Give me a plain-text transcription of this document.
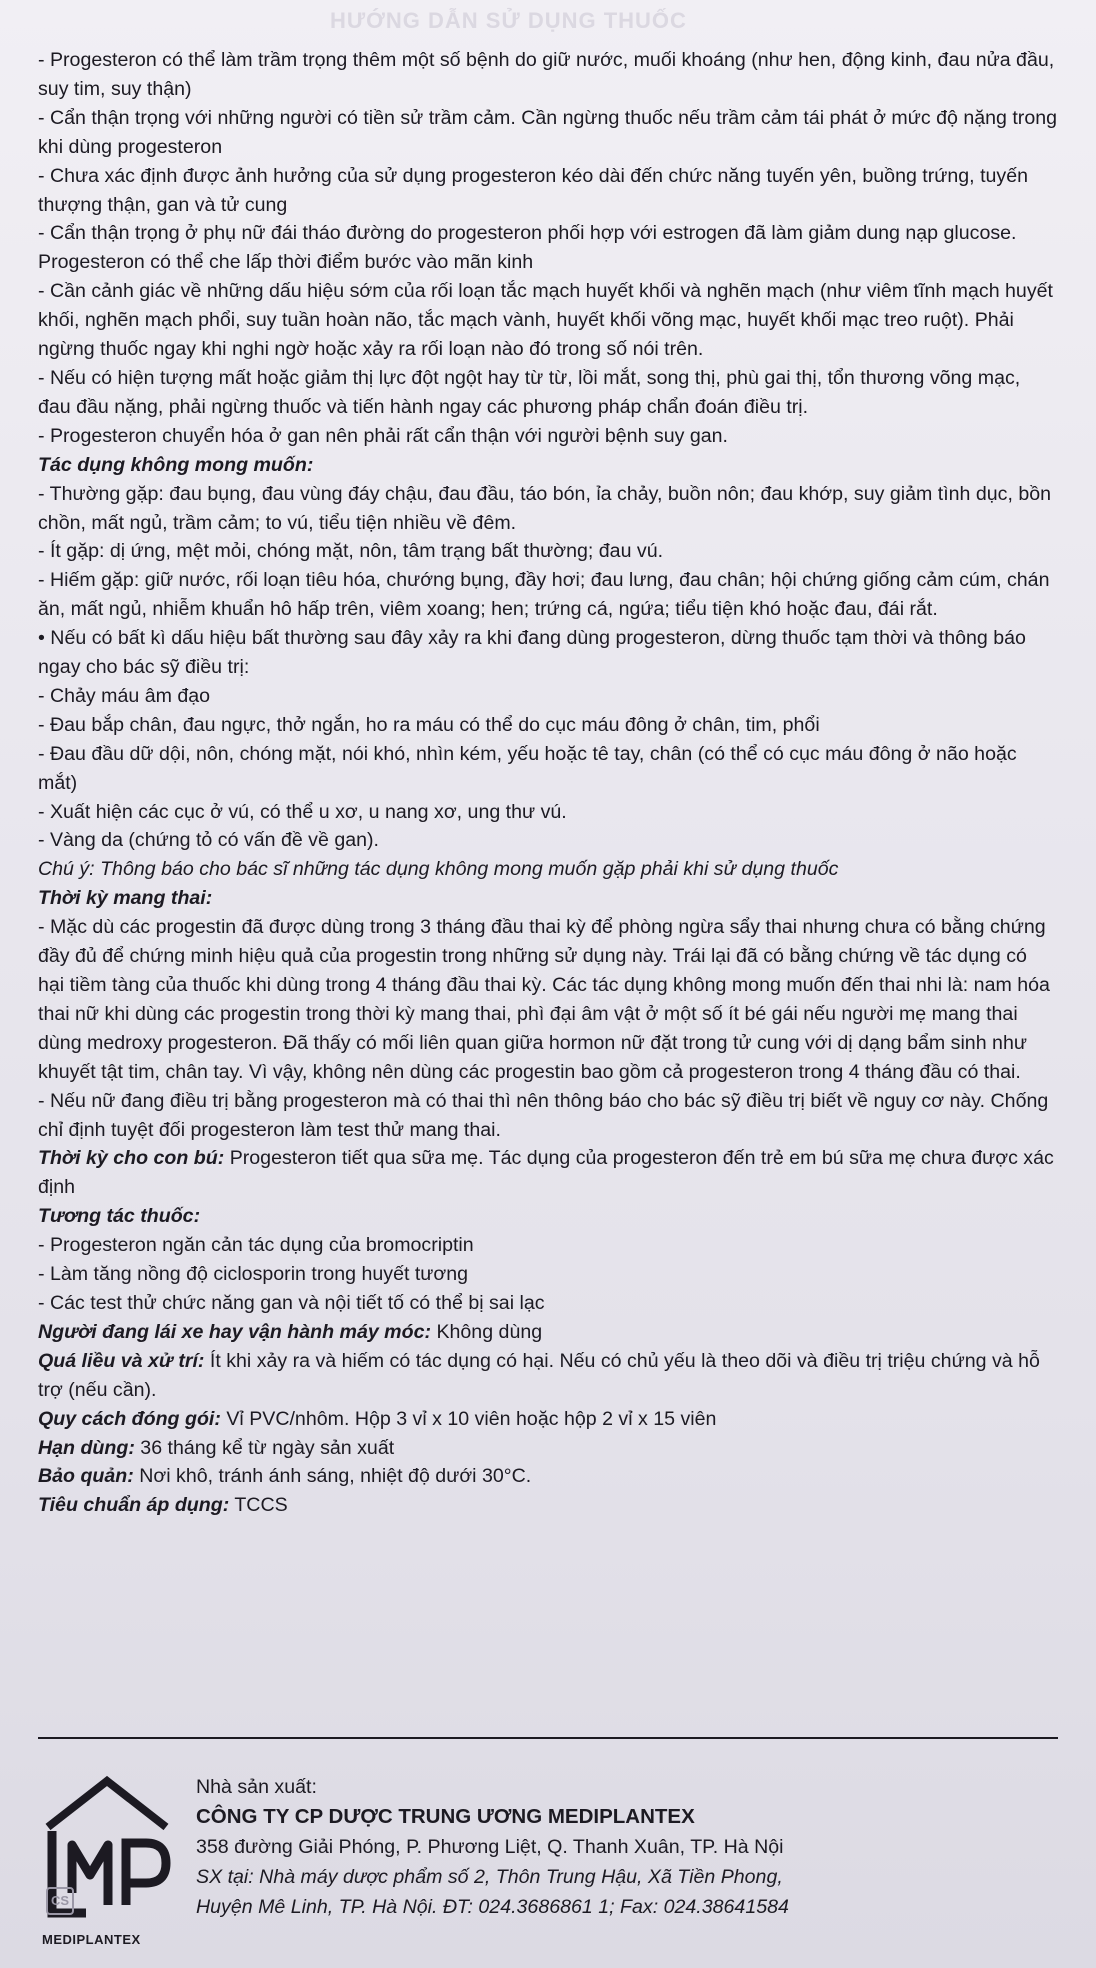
HƯỚNG DẪN SỬ DỤNG THUỐC

- Progesteron có thể làm trầm trọng thêm một số bệnh do giữ nước, muối khoáng (như hen, động kinh, đau nửa đầu, suy tim, suy thận)

- Cẩn thận trọng với những người có tiền sử trầm cảm. Cần ngừng thuốc nếu trầm cảm tái phát ở mức độ nặng trong khi dùng progesteron

- Chưa xác định được ảnh hưởng của sử dụng progesteron kéo dài đến chức năng tuyến yên, buồng trứng, tuyến thượng thận, gan và tử cung

- Cẩn thận trọng ở phụ nữ đái tháo đường do progesteron phối hợp với estrogen đã làm giảm dung nạp glucose. Progesteron có thể che lấp thời điểm bước vào mãn kinh

- Cần cảnh giác về những dấu hiệu sớm của rối loạn tắc mạch huyết khối và nghẽn mạch (như viêm tĩnh mạch huyết khối, nghẽn mạch phổi, suy tuần hoàn não, tắc mạch vành, huyết khối võng mạc, huyết khối mạc treo ruột). Phải ngừng thuốc ngay khi nghi ngờ hoặc xảy ra rối loạn nào đó trong số nói trên.

- Nếu có hiện tượng mất hoặc giảm thị lực đột ngột hay từ từ, lồi mắt, song thị, phù gai thị, tổn thương võng mạc, đau đầu nặng, phải ngừng thuốc và tiến hành ngay các phương pháp chẩn đoán điều trị.

- Progesteron chuyển hóa ở gan nên phải rất cẩn thận với người bệnh suy gan.

Tác dụng không mong muốn:

- Thường gặp: đau bụng, đau vùng đáy chậu, đau đầu, táo bón, ỉa chảy, buồn nôn; đau khớp, suy giảm tình dục, bồn chồn, mất ngủ, trầm cảm; to vú, tiểu tiện nhiều về đêm.

- Ít gặp: dị ứng, mệt mỏi, chóng mặt, nôn, tâm trạng bất thường; đau vú.

- Hiếm gặp: giữ nước, rối loạn tiêu hóa, chướng bụng, đầy hơi; đau lưng, đau chân; hội chứng giống cảm cúm, chán ăn, mất ngủ, nhiễm khuẩn hô hấp trên, viêm xoang; hen; trứng cá, ngứa; tiểu tiện khó hoặc đau, đái rắt.

• Nếu có bất kì dấu hiệu bất thường sau đây xảy ra khi đang dùng progesteron, dừng thuốc tạm thời và thông báo ngay cho bác sỹ điều trị:

- Chảy máu âm đạo

- Đau bắp chân, đau ngực, thở ngắn, ho ra máu có thể do cục máu đông ở chân, tim, phổi

- Đau đầu dữ dội, nôn, chóng mặt, nói khó, nhìn kém, yếu hoặc tê tay, chân (có thể có cục máu đông ở não hoặc mắt)

- Xuất hiện các cục ở vú, có thể u xơ, u nang xơ, ung thư vú.

- Vàng da (chứng tỏ có vấn đề về gan).

Chú ý: Thông báo cho bác sĩ những tác dụng không mong muốn gặp phải khi sử dụng thuốc

Thời kỳ mang thai:

- Mặc dù các progestin đã được dùng trong 3 tháng đầu thai kỳ để phòng ngừa sẩy thai nhưng chưa có bằng chứng đầy đủ để chứng minh hiệu quả của progestin trong những sử dụng này. Trái lại đã có bằng chứng về tác dụng có hại tiềm tàng của thuốc khi dùng trong 4 tháng đầu thai kỳ. Các tác dụng không mong muốn đến thai nhi là: nam hóa thai nữ khi dùng các progestin trong thời kỳ mang thai, phì đại âm vật ở một số ít bé gái nếu người mẹ mang thai dùng medroxy progesteron. Đã thấy có mối liên quan giữa hormon nữ đặt trong tử cung với dị dạng bẩm sinh như khuyết tật tim, chân tay. Vì vậy, không nên dùng các progestin bao gồm cả progesteron trong 4 tháng đầu có thai.

- Nếu nữ đang điều trị bằng progesteron mà có thai thì nên thông báo cho bác sỹ điều trị biết về nguy cơ này. Chống chỉ định tuyệt đối progesteron làm test thử mang thai.

Thời kỳ cho con bú: Progesteron tiết qua sữa mẹ. Tác dụng của progesteron đến trẻ em bú sữa mẹ chưa được xác định

Tương tác thuốc:

- Progesteron ngăn cản tác dụng của bromocriptin

- Làm tăng nồng độ ciclosporin trong huyết tương

- Các test thử chức năng gan và nội tiết tố có thể bị sai lạc

Người đang lái xe hay vận hành máy móc: Không dùng

Quá liều và xử trí: Ít khi xảy ra và hiếm có tác dụng có hại. Nếu có chủ yếu là theo dõi và điều trị triệu chứng và hỗ trợ (nếu cần).

Quy cách đóng gói: Vỉ PVC/nhôm. Hộp 3 vỉ x 10 viên hoặc hộp 2 vỉ x 15 viên

Hạn dùng: 36 tháng kể từ ngày sản xuất

Bảo quản: Nơi khô, tránh ánh sáng, nhiệt độ dưới 30°C.

Tiêu chuẩn áp dụng: TCCS

MEDIPLANTEX
CS

Nhà sản xuất:

CÔNG TY CP DƯỢC TRUNG ƯƠNG MEDIPLANTEX

358 đường Giải Phóng, P. Phương Liệt, Q. Thanh Xuân, TP. Hà Nội

SX tại: Nhà máy dược phẩm số 2, Thôn Trung Hậu, Xã Tiền Phong,

Huyện Mê Linh, TP. Hà Nội. ĐT: 024.3686861 1; Fax: 024.38641584
